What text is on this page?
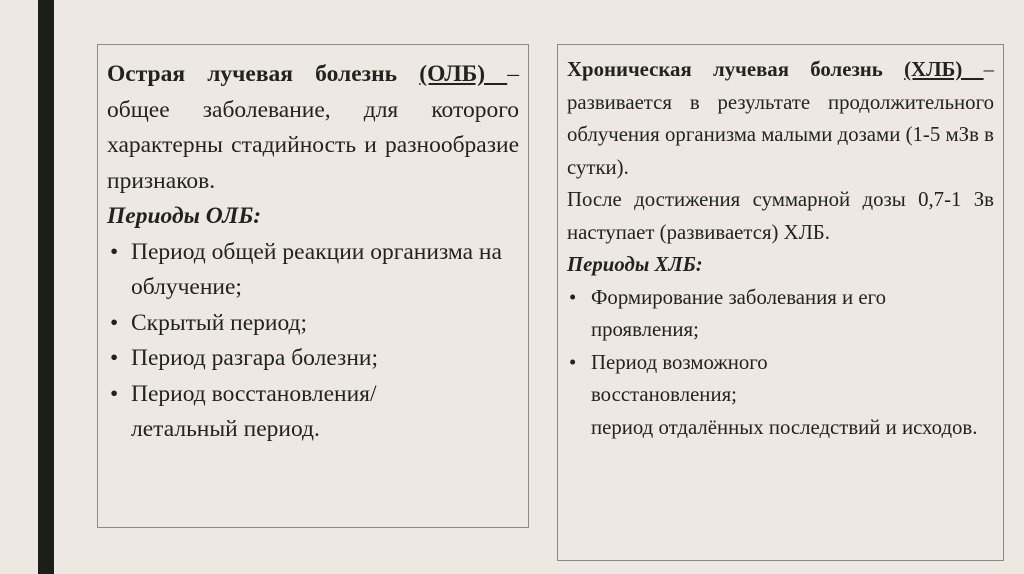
Острая лучевая болезнь (ОЛБ) – общее заболевание, для которого характерны стадийность и разнообразие признаков.

Периоды ОЛБ:

• Период общей реакции организма на облучение;
• Скрытый период;
• Период разгара болезни;
• Период восстановления/летальный период.

Хроническая лучевая болезнь (ХЛБ) – развивается в результате продолжительного облучения организма малыми дозами (1-5 мЗв в сутки).

После достижения суммарной дозы 0,7-1 Зв наступает (развивается) ХЛБ.

Периоды ХЛБ:

• Формирование заболевания и его проявления;
• Период возможного восстановления;
период отдалённых последствий и исходов.
